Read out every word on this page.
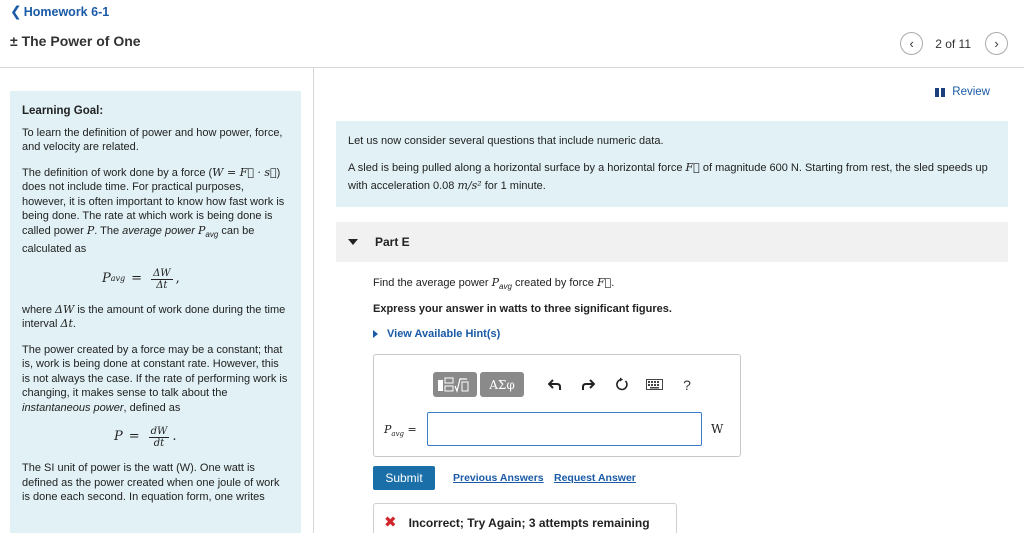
❮ Homework 6-1
± The Power of One	‹ 2 of 11 ›
Learning Goal:

To learn the definition of power and how power, force, and velocity are related.

The definition of work done by a force (W = F⃗ · s⃗) does not include time. For practical purposes, however, it is often important to know how fast work is being done. The rate at which work is being done is called power P. The average power $P_{avg}$ can be calculated as

P avg = $\frac{\Delta W}{\Delta t}$ ,

where ΔW is the amount of work done during the time interval Δt.

The power created by a force may be a constant; that is, work is being done at constant rate. However, this is not always the case. If the rate of performing work is changing, it makes sense to talk about the instantaneous power, defined as

$P = \frac{dW}{dt}$ .

The SI unit of power is the watt (W). One watt is defined as the power created when one joule of work is done each second. In equation form, one writes

Review

Let us now consider several questions that include numeric data.

A sled is being pulled along a horizontal surface by a horizontal force F⃗ of magnitude 600 N. Starting from rest, the sled speeds up with acceleration 0.08 m/s² for 1 minute.

Part E
Find the average power $P_{avg}$ created by force F⃗.
Express your answer in watts to three significant figures.
View Available Hint(s)
ΑΣφ	?
$P_{avg}$ =	W
Submit	Previous Answers Request Answer
✖ Incorrect; Try Again; 3 attempts remaining
